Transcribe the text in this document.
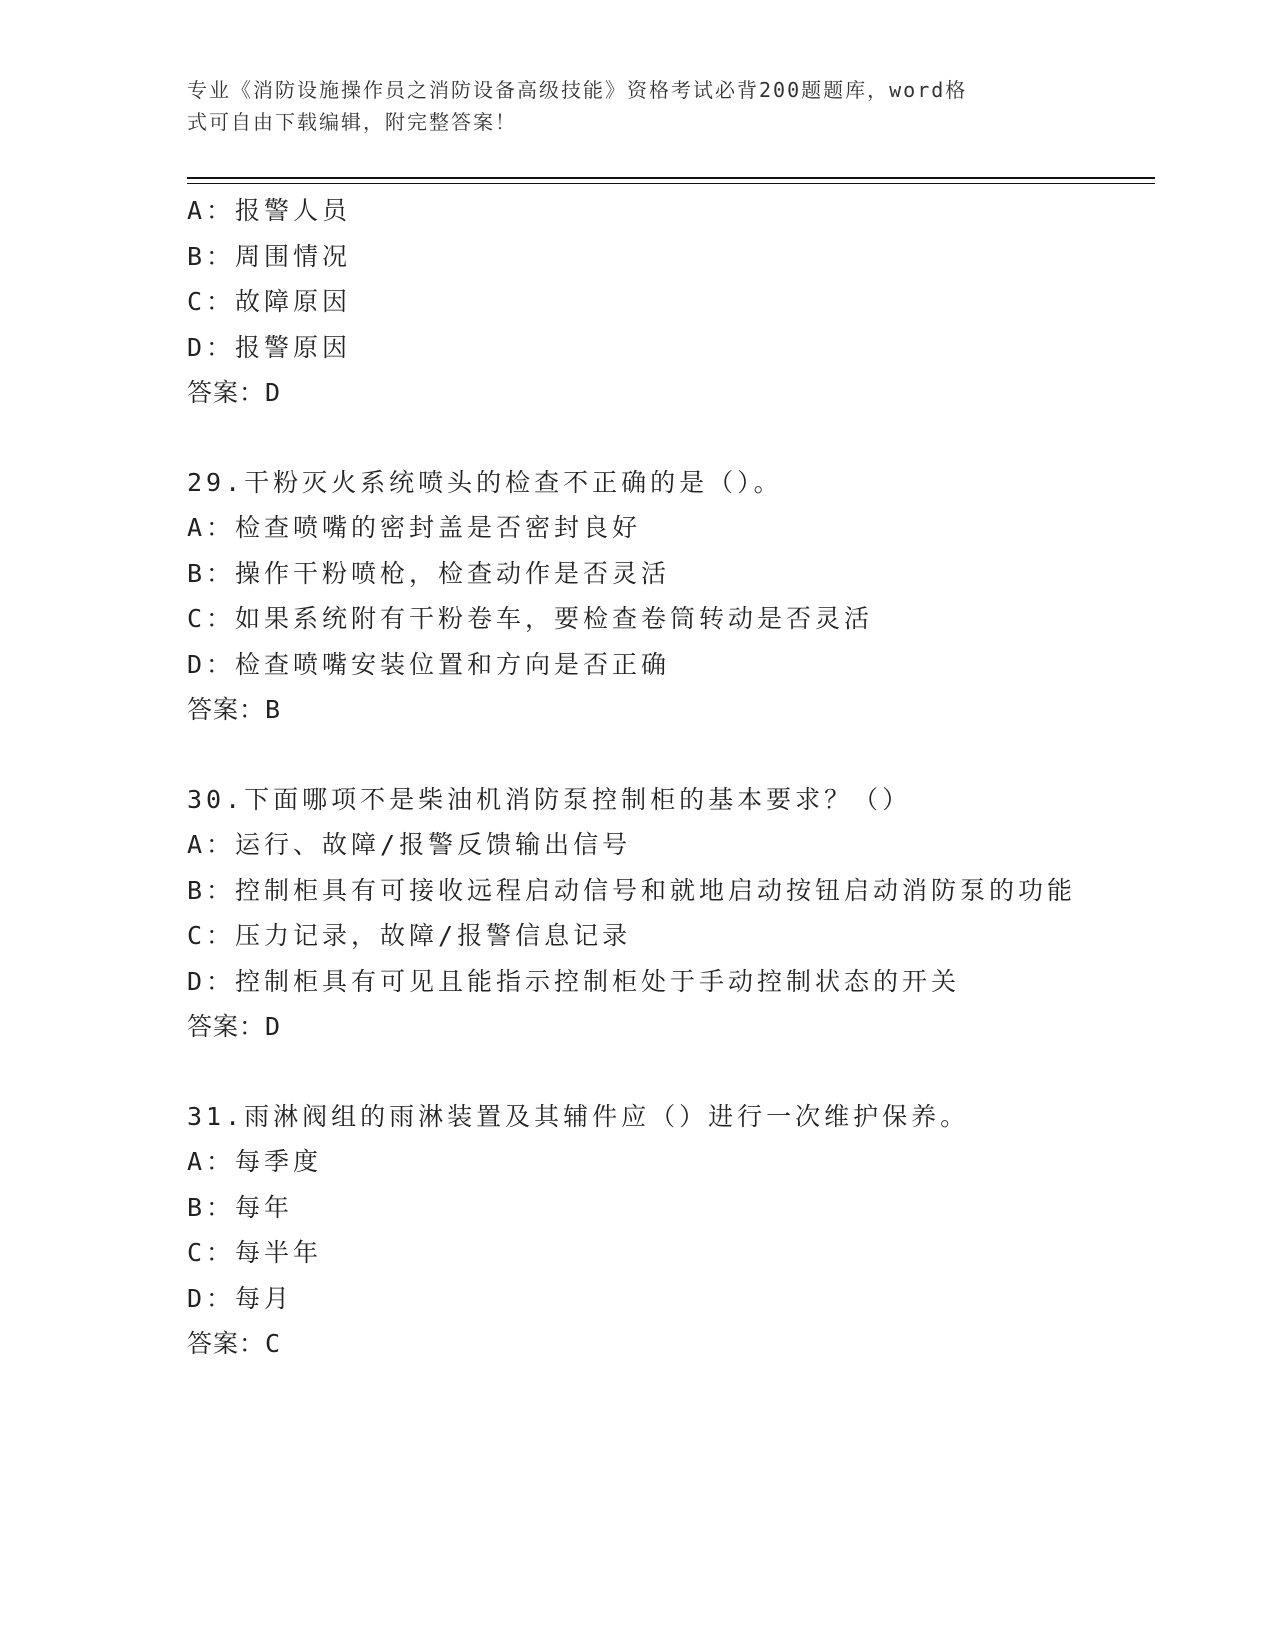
专业《消防设施操作员之消防设备高级技能》资格考试必背200题题库，word格
式可自由下载编辑，附完整答案！
A：报警人员
B：周围情况
C：故障原因
D：报警原因
答案：D
29.干粉灭火系统喷头的检查不正确的是（）。
A：检查喷嘴的密封盖是否密封良好
B：操作干粉喷枪，检查动作是否灵活
C：如果系统附有干粉卷车，要检查卷筒转动是否灵活
D：检查喷嘴安装位置和方向是否正确
答案：B
30.下面哪项不是柴油机消防泵控制柜的基本要求？（）
A：运行、故障/报警反馈输出信号
B：控制柜具有可接收远程启动信号和就地启动按钮启动消防泵的功能
C：压力记录，故障/报警信息记录
D：控制柜具有可见且能指示控制柜处于手动控制状态的开关
答案：D
31.雨淋阀组的雨淋装置及其辅件应（）进行一次维护保养。
A：每季度
B：每年
C：每半年
D：每月
答案：C
